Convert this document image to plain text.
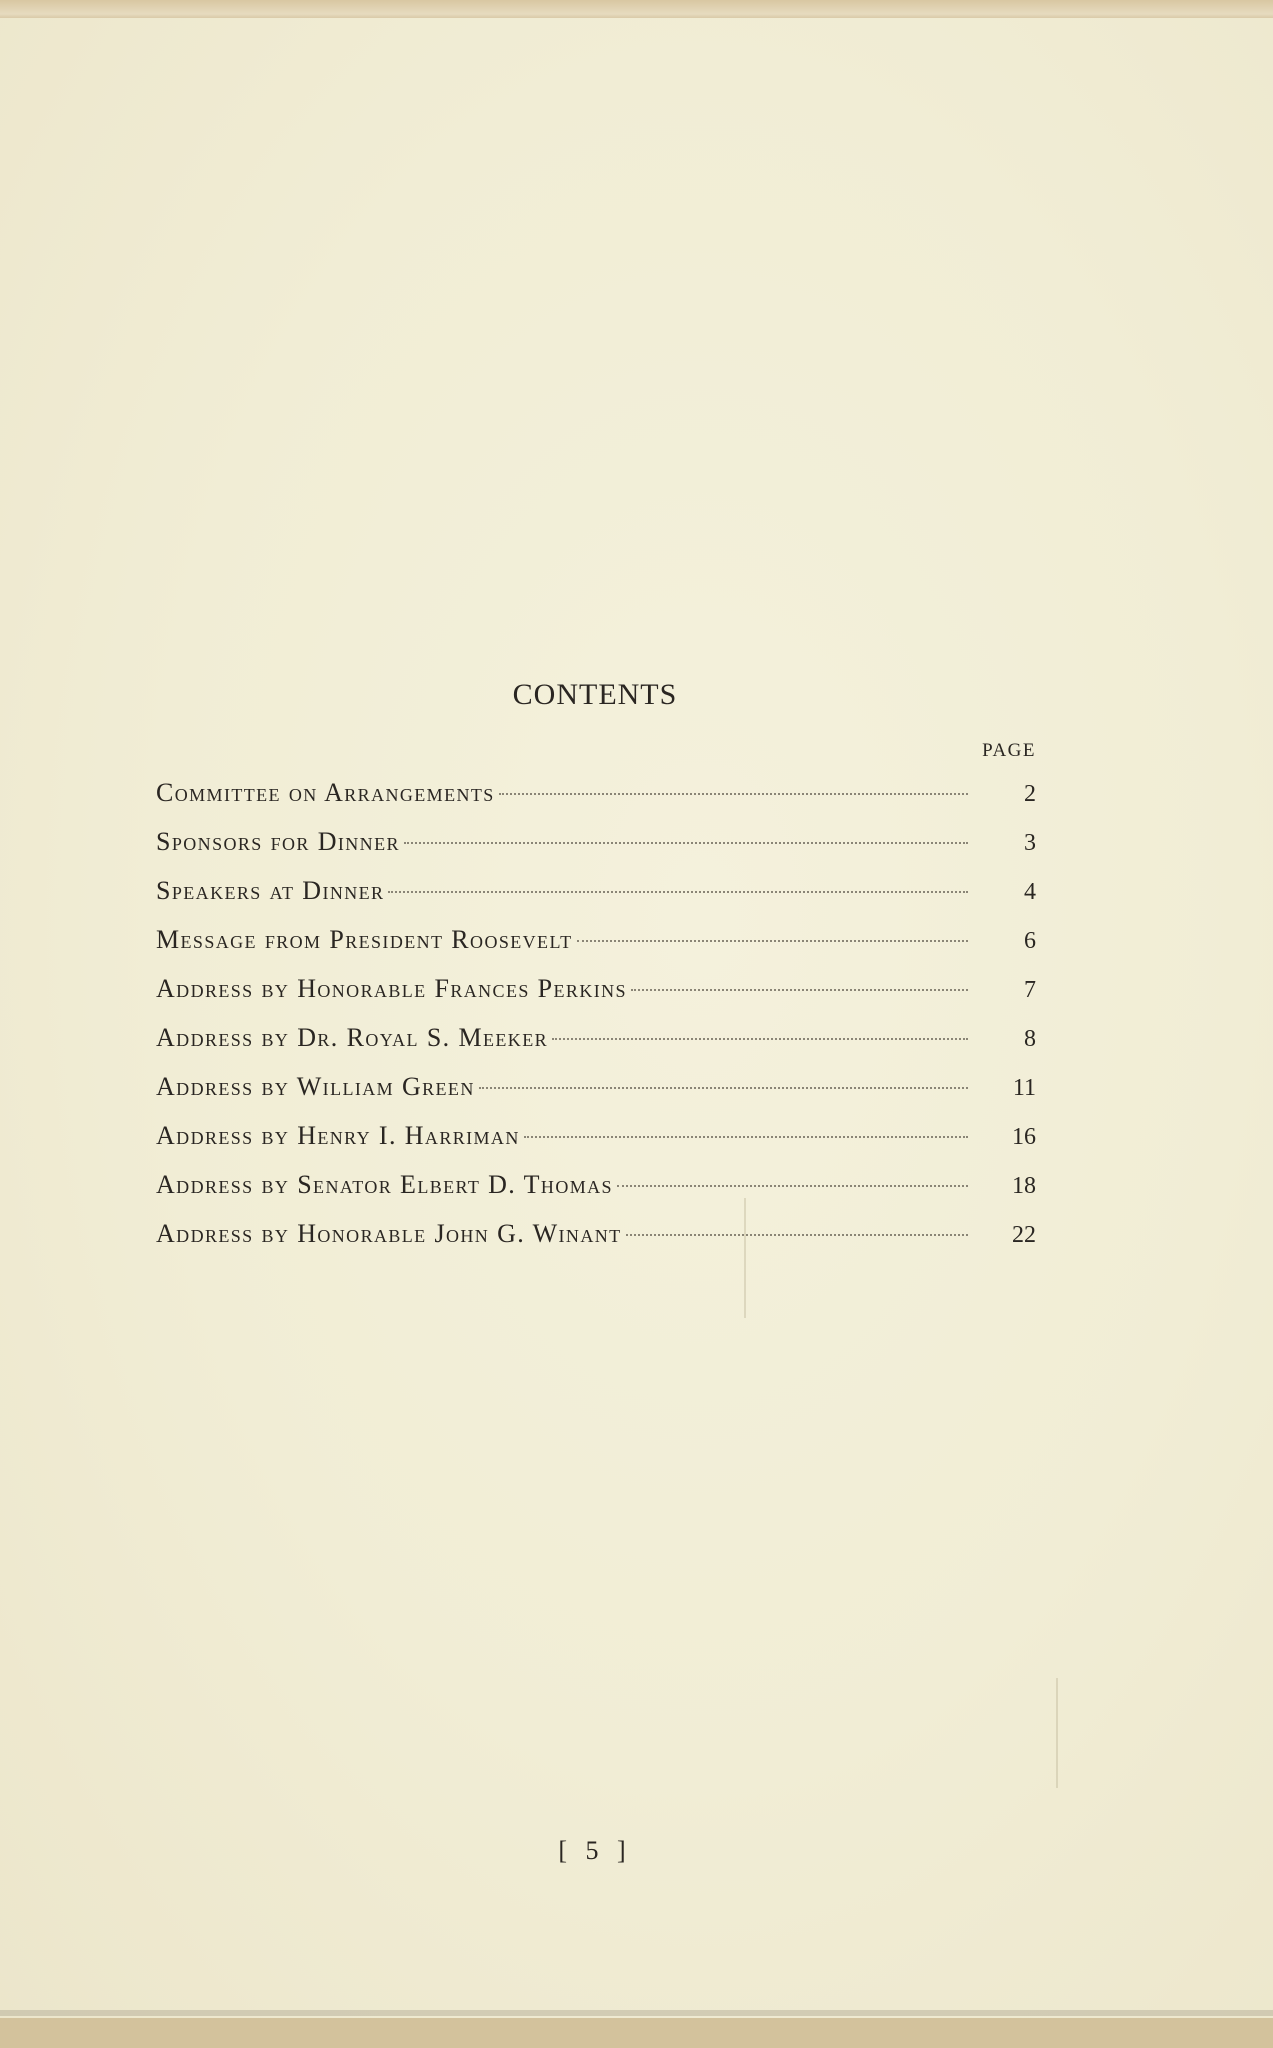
CONTENTS
PAGE
Committee on Arrangements	2
Sponsors for Dinner	3
Speakers at Dinner	4
Message from President Roosevelt	6
Address by Honorable Frances Perkins	7
Address by Dr. Royal S. Meeker	8
Address by William Green	11
Address by Henry I. Harriman	16
Address by Senator Elbert D. Thomas	18
Address by Honorable John G. Winant	22
[ 5 ]
